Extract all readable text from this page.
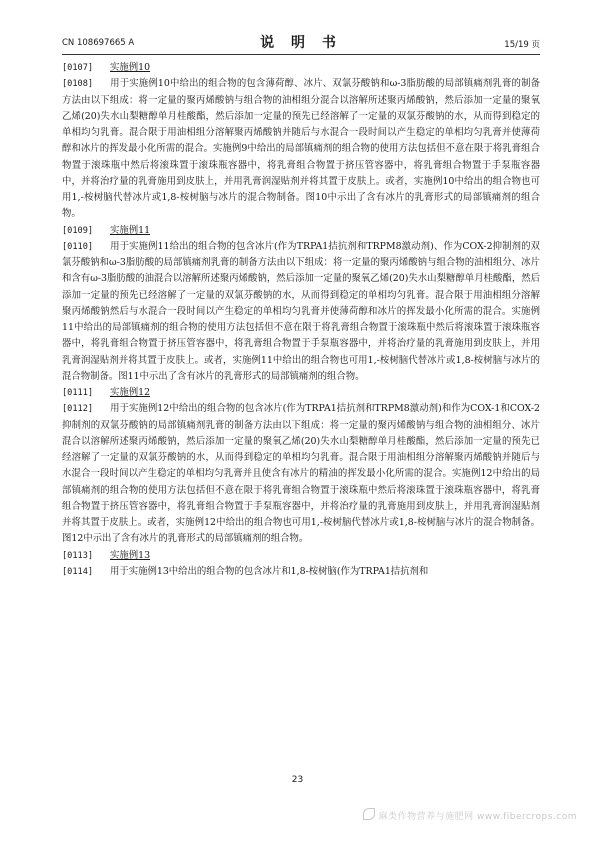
CN 108697665 A	说 明 书	15/19 页

[0107] 实施例10

[0108] 用于实施例10中给出的组合物的包含薄荷醇、冰片、双氯芬酸钠和ω-3脂肪酸的局部镇痛剂乳膏的制备方法由以下组成：将一定量的聚丙烯酸钠与组合物的油相组分混合以溶解所述聚丙烯酸钠，然后添加一定量的聚氧乙烯(20)失水山梨糖醇单月桂酸酯，然后添加一定量的预先已经溶解了一定量的双氯芬酸钠的水，从而得到稳定的单相均匀乳膏。混合限于用油相组分溶解聚丙烯酸钠并随后与水混合一段时间以产生稳定的单相均匀乳膏并使薄荷醇和冰片的挥发最小化所需的混合。实施例9中给出的局部镇痛剂的组合物的使用方法包括但不意在限于将乳膏组合物置于滚珠瓶中然后将滚珠置于滚珠瓶容器中，将乳膏组合物置于挤压管容器中，将乳膏组合物置于手泵瓶容器中，并将治疗量的乳膏施用到皮肤上，并用乳膏润湿贴剂并将其置于皮肤上。或者，实施例10中给出的组合物也可用1,-桉树脑代替冰片或1,8-桉树脑与冰片的混合物制备。图10中示出了含有冰片的乳膏形式的局部镇痛剂的组合物。

[0109] 实施例11

[0110] 用于实施例11给出的组合物的包含冰片(作为TRPA1拮抗剂和TRPM8激动剂)、作为COX-2抑制剂的双氯芬酸钠和ω-3脂肪酸的局部镇痛剂乳膏的制备方法由以下组成：将一定量的聚丙烯酸钠与组合物的油相组分、冰片和含有ω-3脂肪酸的油混合以溶解所述聚丙烯酸钠，然后添加一定量的聚氧乙烯(20)失水山梨糖醇单月桂酸酯，然后添加一定量的预先已经溶解了一定量的双氯芬酸钠的水，从而得到稳定的单相均匀乳膏。混合限于用油相组分溶解聚丙烯酸钠然后与水混合一段时间以产生稳定的单相均匀乳膏并使薄荷醇和冰片的挥发最小化所需的混合。实施例11中给出的局部镇痛剂的组合物的使用方法包括但不意在限于将乳膏组合物置于滚珠瓶中然后将滚珠置于滚珠瓶容器中，将乳膏组合物置于挤压管容器中，将乳膏组合物置于手泵瓶容器中，并将治疗量的乳膏施用到皮肤上，并用乳膏润湿贴剂并将其置于皮肤上。或者，实施例11中给出的组合物也可用1,-桉树脑代替冰片或1,8-桉树脑与冰片的混合物制备。图11中示出了含有冰片的乳膏形式的局部镇痛剂的组合物。

[0111] 实施例12

[0112] 用于实施例12中给出的组合物的包含冰片(作为TRPA1拮抗剂和TRPM8激动剂)和作为COX-1和COX-2抑制剂的双氯芬酸钠的局部镇痛剂乳膏的制备方法由以下组成：将一定量的聚丙烯酸钠与组合物的油相组分、冰片混合以溶解所述聚丙烯酸钠，然后添加一定量的聚氧乙烯(20)失水山梨糖醇单月桂酸酯，然后添加一定量的预先已经溶解了一定量的双氯芬酸钠的水，从而得到稳定的单相均匀乳膏。混合限于用油相组分溶解聚丙烯酸钠并随后与水混合一段时间以产生稳定的单相均匀乳膏并且使含有冰片的精油的挥发最小化所需的混合。实施例12中给出的局部镇痛剂的组合物的使用方法包括但不意在限于将乳膏组合物置于滚珠瓶中然后将滚珠置于滚珠瓶容器中，将乳膏组合物置于挤压管容器中，将乳膏组合物置于手泵瓶容器中，并将治疗量的乳膏施用到皮肤上，并用乳膏润湿贴剂并将其置于皮肤上。或者，实施例12中给出的组合物也可用1,-桉树脑代替冰片或1,8-桉树脑与冰片的混合物制备。图12中示出了含有冰片的乳膏形式的局部镇痛剂的组合物。

[0113] 实施例13

[0114] 用于实施例13中给出的组合物的包含冰片和1,8-桉树脑(作为TRPA1拮抗剂和

23
麻类作物营养与施肥网 www.fibercrops.com
